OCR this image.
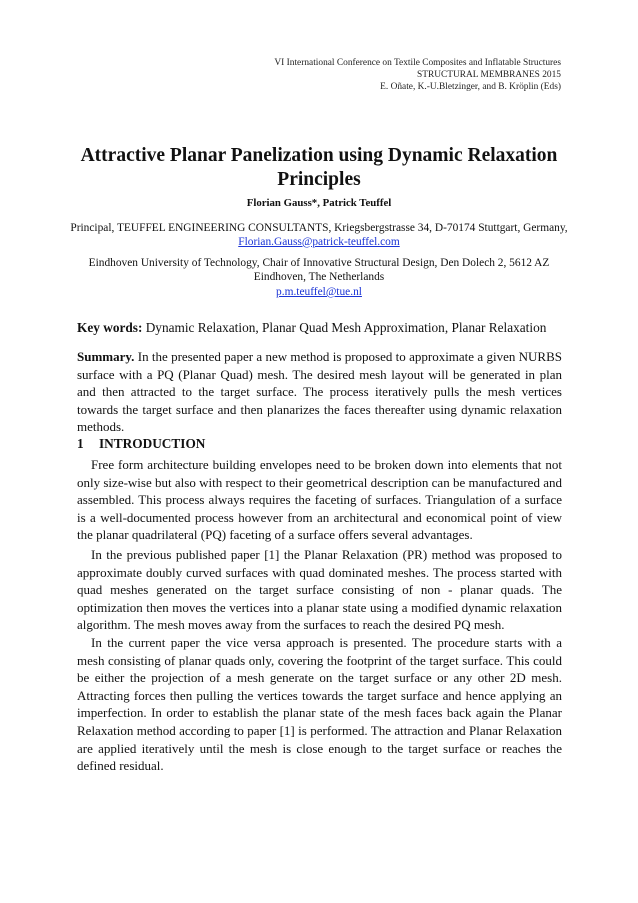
VI International Conference on Textile Composites and Inflatable Structures
STRUCTURAL MEMBRANES 2015
E. Oñate, K.-U.Bletzinger, and B. Kröplin (Eds)
Attractive Planar Panelization using Dynamic Relaxation Principles
Florian Gauss*, Patrick Teuffel
Principal, TEUFFEL ENGINEERING CONSULTANTS, Kriegsbergstrasse 34, D-70174 Stuttgart, Germany,
Florian.Gauss@patrick-teuffel.com
Eindhoven University of Technology, Chair of Innovative Structural Design, Den Dolech 2, 5612 AZ Eindhoven, The Netherlands
p.m.teuffel@tue.nl
Key words: Dynamic Relaxation, Planar Quad Mesh Approximation, Planar Relaxation
Summary. In the presented paper a new method is proposed to approximate a given NURBS surface with a PQ (Planar Quad) mesh. The desired mesh layout will be generated in plan and then attracted to the target surface. The process iteratively pulls the mesh vertices towards the target surface and then planarizes the faces thereafter using dynamic relaxation methods.
1 INTRODUCTION
Free form architecture building envelopes need to be broken down into elements that not only size-wise but also with respect to their geometrical description can be manufactured and assembled. This process always requires the faceting of surfaces. Triangulation of a surface is a well-documented process however from an architectural and economical point of view the planar quadrilateral (PQ) faceting of a surface offers several advantages.
In the previous published paper [1] the Planar Relaxation (PR) method was proposed to approximate doubly curved surfaces with quad dominated meshes. The process started with quad meshes generated on the target surface consisting of non - planar quads. The optimization then moves the vertices into a planar state using a modified dynamic relaxation algorithm. The mesh moves away from the surfaces to reach the desired PQ mesh.
In the current paper the vice versa approach is presented. The procedure starts with a mesh consisting of planar quads only, covering the footprint of the target surface. This could be either the projection of a mesh generate on the target surface or any other 2D mesh. Attracting forces then pulling the vertices towards the target surface and hence applying an imperfection. In order to establish the planar state of the mesh faces back again the Planar Relaxation method according to paper [1] is performed. The attraction and Planar Relaxation are applied iteratively until the mesh is close enough to the target surface or reaches the defined residual.
